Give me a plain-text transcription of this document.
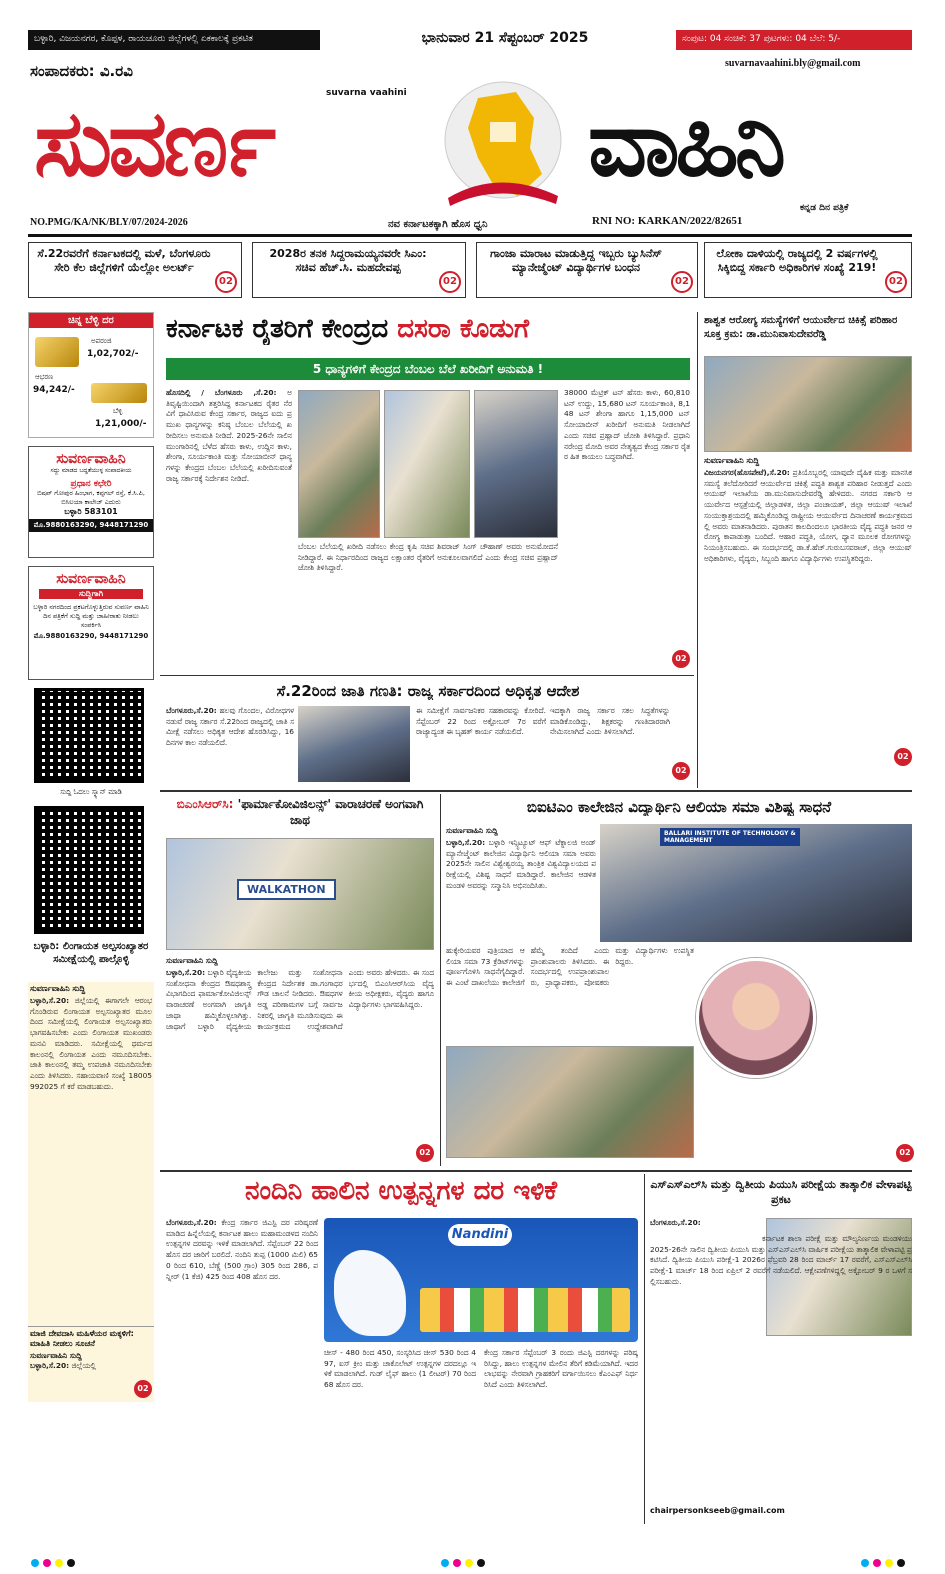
ಬಳ್ಳಾರಿ, ವಿಜಯನಗರ, ಕೊಪ್ಪಳ, ರಾಯಚೂರು ಜಿಲ್ಲೆಗಳಲ್ಲಿ ಏಕಕಾಲಕ್ಕೆ ಪ್ರಕಟಿತ	ಭಾನುವಾರ 21 ಸೆಪ್ಟಂಬರ್ 2025	ಸಂಪುಟ: 04 ಸಂಚಿಕೆ: 37 ಪುಟಗಳು: 04 ಬೆಲೆ: 5/-
ಸಂಪಾದಕರು: ವಿ.ರವಿ	suvarnavaahini.bly@gmail.com
ಸುವರ್ಣ	ವಾಹಿನಿ
suvarna vaahini
ಕನ್ನಡ ದಿನ ಪತ್ರಿಕೆ
NO.PMG/KA/NK/BLY/07/2024-2026	ನವ ಕರ್ನಾಟಕಕ್ಕಾಗಿ ಹೊಸ ಧ್ವನಿ	RNI NO: KARKAN/2022/82651
ಸೆ.22ರವರೆಗೆ ಕರ್ನಾಟಕದಲ್ಲಿ ಮಳೆ, ಬೆಂಗಳೂರು ಸೇರಿ ಕೆಲ ಜಿಲ್ಲೆಗಳಿಗೆ ಯೆಲ್ಲೋ ಅಲರ್ಟ್
02
2028ರ ತನಕ ಸಿದ್ದರಾಮಯ್ಯನವರೇ ಸಿಎಂ: ಸಚಿವ ಹೆಚ್.ಸಿ. ಮಹದೇವಪ್ಪ
02
ಗಾಂಜಾ ಮಾರಾಟ ಮಾಡುತ್ತಿದ್ದ ಇಬ್ಬರು ಬ್ಯುಸಿನೆಸ್ ಮ್ಯಾನೇಜ್ಮೆಂಟ್ ವಿದ್ಯಾರ್ಥಿಗಳ ಬಂಧನ
02
ಲೋಕಾ ದಾಳಿಯಲ್ಲಿ ರಾಜ್ಯದಲ್ಲಿ 2 ವರ್ಷಗಳಲ್ಲಿ ಸಿಕ್ಕಿಬಿದ್ದ ಸರ್ಕಾರಿ ಅಧಿಕಾರಿಗಳ ಸಂಖ್ಯೆ 219!
02
ಚಿನ್ನ ಬೆಳ್ಳಿ ದರ
ಅಪರಂಜಿ
1,02,702/-
ಆಭರಣ
94,242/-
ಬೆಳ್ಳಿ
1,21,000/-
ಸುವರ್ಣವಾಹಿನಿ
ಸದ್ದು ಮಾಡದ ಬದ್ಧತೆಯುಳ್ಳ ಸಂಪಾದಕೀಯ
ಪ್ರಧಾನ ಕಛೇರಿ
ಬಿಷಪ್ ಗೋಪುರ ಹಿಂಭಾಗ, ಕಪ್ಪಗಲ್ ರಸ್ತೆ, ಕೆ.ಸಿ.ಪಿ, ಬಿಸಿಲಯಾ ಕಾಲೇಜ್ ಎದುರು
ಬಳ್ಳಾರಿ 583101
ಮೊ.9880163290, 9448171290
ಸುವರ್ಣವಾಹಿನಿ
ಸುದ್ದಿಗಾಗಿ
ಬಳ್ಳಾರಿ ನಗರದಿಂದ ಪ್ರಕಟಗೊಳ್ಳುತ್ತಿರುವ ಸುವರ್ಣ ವಾಹಿನಿ ದಿನ ಪತ್ರಿಕೆಗೆ ಸುದ್ದಿ ಮತ್ತು ಜಾಹೀರಾತು ನೀಡಲು ಸಂಪರ್ಕಿಸಿ
ಮೊ.9880163290, 9448171290
ಸುದ್ದಿ ಓದಲು ಸ್ಕ್ಯಾನ್ ಮಾಡಿ
ಬಳ್ಳಾರಿ: ಲಿಂಗಾಯತ ಅಲ್ಪಸಂಖ್ಯಾತರ ಸಮೀಕ್ಷೆಯಲ್ಲಿ ಪಾಲ್ಗೊಳ್ಳಿ
ಸುವರ್ಣವಾಹಿನಿ ಸುದ್ದಿ
ಬಳ್ಳಾರಿ,ಸೆ.20: ಜಿಲ್ಲೆಯಲ್ಲಿ ಈಗಾಗಲೇ ಆರಂಭಗೊಂಡಿರುವ ಲಿಂಗಾಯತ ಅಲ್ಪಸಂಖ್ಯಾತರ ಮೂಲದಿಂದ ಸಮೀಕ್ಷೆಯಲ್ಲಿ ಲಿಂಗಾಯತ ಅಲ್ಪಸಂಖ್ಯಾತರು ಭಾಗವಹಿಸಬೇಕು ಎಂದು ಲಿಂಗಾಯತ ಮುಖಂಡರು ಮನವಿ ಮಾಡಿದರು. ಸಮೀಕ್ಷೆಯಲ್ಲಿ ಧರ್ಮದ ಕಾಲಂನಲ್ಲಿ ಲಿಂಗಾಯತ ಎಂದು ನಮೂದಿಸಬೇಕು. ಜಾತಿ ಕಾಲಂನಲ್ಲಿ ತಮ್ಮ ಉಪಜಾತಿ ನಮೂದಿಸಬೇಕು ಎಂದು ತಿಳಿಸಿದರು. ಸಹಾಯವಾಣಿ ಸಂಖ್ಯೆ 18005992025 ಗೆ ಕರೆ ಮಾಡಬಹುದು.
ಮಾಜಿ ದೇವದಾಸಿ ಮಹಿಳೆಯರ ಮಕ್ಕಳಿಗೆ: ಮಾಹಿತಿ ನೀಡಲು ಸೂಚನೆ
ಸುವರ್ಣವಾಹಿನಿ ಸುದ್ದಿ
ಬಳ್ಳಾರಿ,ಸೆ.20: ಜಿಲ್ಲೆಯಲ್ಲಿ
02
ಕರ್ನಾಟಕ ರೈತರಿಗೆ ಕೇಂದ್ರದ ದಸರಾ ಕೊಡುಗೆ
5 ಧಾನ್ಯಗಳಿಗೆ ಕೇಂದ್ರದ ಬೆಂಬಲ ಬೆಲೆ ಖರೀದಿಗೆ ಅನುಮತಿ !
ಹೊಸದಿಲ್ಲಿ / ಬೆಂಗಳೂರು ,ಸೆ.20: ಅತಿವೃಷ್ಟಿಯಿಂದಾಗಿ ತತ್ತರಿಸಿದ್ದ ಕರ್ನಾಟಕದ ರೈತರ ನೆರವಿಗೆ ಧಾವಿಸಿರುವ ಕೇಂದ್ರ ಸರ್ಕಾರ, ರಾಜ್ಯದ ಐದು ಪ್ರಮುಖ ಧಾನ್ಯಗಳನ್ನು ಕನಿಷ್ಠ ಬೆಂಬಲ ಬೆಲೆಯಲ್ಲಿ ಖರೀದಿಸಲು ಅನುಮತಿ ನೀಡಿದೆ. 2025-26ನೇ ಸಾಲಿನ ಮುಂಗಾರಿನಲ್ಲಿ ಬೆಳೆದ ಹೆಸರು ಕಾಳು, ಉದ್ದಿನ ಕಾಳು, ಶೇಂಗಾ, ಸೂರ್ಯಕಾಂತಿ ಮತ್ತು ಸೋಯಾಬೀನ್ ಧಾನ್ಯಗಳನ್ನು ಕೇಂದ್ರದ ಬೆಂಬಲ ಬೆಲೆಯಲ್ಲಿ ಖರೀದಿಸುವಂತೆ ರಾಜ್ಯ ಸರ್ಕಾರಕ್ಕೆ ನಿರ್ದೇಶನ ನೀಡಿದೆ.
ಬೆಂಬಲ ಬೆಲೆಯಲ್ಲಿ ಖರೀದಿ ನಡೆಸಲು ಕೇಂದ್ರ ಕೃಷಿ ಸಚಿವ ಶಿವರಾಜ್ ಸಿಂಗ್ ಚೌಹಾಣ್ ಅವರು ಅನುಮೋದನೆ ನೀಡಿದ್ದಾರೆ. ಈ ನಿರ್ಧಾರದಿಂದ ರಾಜ್ಯದ ಲಕ್ಷಾಂತರ ರೈತರಿಗೆ ಅನುಕೂಲವಾಗಲಿದೆ ಎಂದು ಕೇಂದ್ರ ಸಚಿವ ಪ್ರಹ್ಲಾದ್ ಜೋಶಿ ತಿಳಿಸಿದ್ದಾರೆ.
38000 ಮೆಟ್ರಿಕ್ ಟನ್ ಹೆಸರು ಕಾಳು, 60,810 ಟನ್ ಉದ್ದು, 15,680 ಟನ್ ಸೂರ್ಯಕಾಂತಿ, 8,148 ಟನ್ ಶೇಂಗಾ ಹಾಗೂ 1,15,000 ಟನ್ ಸೋಯಾಬೀನ್ ಖರೀದಿಗೆ ಅನುಮತಿ ನೀಡಲಾಗಿದೆ ಎಂದು ಸಚಿವ ಪ್ರಹ್ಲಾದ್ ಜೋಶಿ ತಿಳಿಸಿದ್ದಾರೆ. ಪ್ರಧಾನಿ ನರೇಂದ್ರ ಮೋದಿ ಅವರ ನೇತೃತ್ವದ ಕೇಂದ್ರ ಸರ್ಕಾರ ರೈತರ ಹಿತ ಕಾಯಲು ಬದ್ಧವಾಗಿದೆ.
02
ಸೆ.22ರಿಂದ ಜಾತಿ ಗಣತಿ: ರಾಜ್ಯ ಸರ್ಕಾರದಿಂದ ಅಧಿಕೃತ ಆದೇಶ
ಬೆಂಗಳೂರು,ಸೆ.20: ಹಲವು ಗೊಂದಲ, ವಿರೋಧಗಳ ನಡುವೆ ರಾಜ್ಯ ಸರ್ಕಾರ ಸೆ.22ರಿಂದ ರಾಜ್ಯದಲ್ಲಿ ಜಾತಿ ಸಮೀಕ್ಷೆ ನಡೆಸಲು ಅಧಿಕೃತ ಆದೇಶ ಹೊರಡಿಸಿದ್ದು, 16 ದಿನಗಳ ಕಾಲ ನಡೆಯಲಿದೆ.
ಈ ಸಮೀಕ್ಷೆಗೆ ಸಾರ್ವಜನಿಕರ ಸಹಕಾರವನ್ನು ಕೋರಿದೆ. ಸೆಪ್ಟೆಂಬರ್ 22 ರಿಂದ ಅಕ್ಟೋಬರ್ 7ರ ವರೆಗೆ ರಾಜ್ಯಾದ್ಯಂತ ಈ ಬೃಹತ್ ಕಾರ್ಯ ನಡೆಯಲಿದೆ.
ಇದಕ್ಕಾಗಿ ರಾಜ್ಯ ಸರ್ಕಾರ ಸಕಲ ಸಿದ್ಧತೆಗಳನ್ನು ಮಾಡಿಕೊಂಡಿದ್ದು, ಶಿಕ್ಷಕರನ್ನು ಗಣತಿದಾರರಾಗಿ ನೇಮಿಸಲಾಗಿದೆ ಎಂದು ತಿಳಿಸಲಾಗಿದೆ.
02
ಶಾಶ್ವತ ಆರೋಗ್ಯ ಸಮಸ್ಯೆಗಳಿಗೆ ಆಯುರ್ವೇದ ಚಿಕಿತ್ಸೆ ಪರಿಹಾರ ಸೂಕ್ತ ಕ್ರಮ: ಡಾ.ಮುನಿವಾಸುದೇವರೆಡ್ಡಿ
ಸುವರ್ಣವಾಹಿನಿ ಸುದ್ದಿ
ವಿಜಯನಗರ(ಹೊಸಪೇಟೆ),ಸೆ.20: ಪ್ರತಿಯೊಬ್ಬರಲ್ಲಿ ಯಾವುದೇ ದೈಹಿಕ ಮತ್ತು ಮಾನಸಿಕ ಸಮಸ್ಯೆ ತಲೆದೋರಿದರೆ ಆಯುರ್ವೇದ ಚಿಕಿತ್ಸೆ ಪದ್ಧತಿ ಶಾಶ್ವತ ಪರಿಹಾರ ನೀಡುತ್ತದೆ ಎಂದು ಆಯುಷ್ ಇಲಾಖೆಯ ಡಾ.ಮುನಿವಾಸುದೇವರೆಡ್ಡಿ ಹೇಳಿದರು. ನಗರದ ಸರ್ಕಾರಿ ಆಯುರ್ವೇದ ಆಸ್ಪತ್ರೆಯಲ್ಲಿ ಜಿಲ್ಲಾಡಳಿತ, ಜಿಲ್ಲಾ ಪಂಚಾಯತ್, ಜಿಲ್ಲಾ ಆಯುಷ್ ಇಲಾಖೆ ಸಂಯುಕ್ತಾಶ್ರಯದಲ್ಲಿ ಹಮ್ಮಿಕೊಂಡಿದ್ದ ರಾಷ್ಟ್ರೀಯ ಆಯುರ್ವೇದ ದಿನಾಚರಣೆ ಕಾರ್ಯಕ್ರಮದಲ್ಲಿ ಅವರು ಮಾತನಾಡಿದರು. ಪುರಾತನ ಕಾಲದಿಂದಲೂ ಭಾರತೀಯ ವೈದ್ಯ ಪದ್ಧತಿ ಜನರ ಆರೋಗ್ಯ ಕಾಪಾಡುತ್ತಾ ಬಂದಿದೆ. ಆಹಾರ ಪದ್ಧತಿ, ಯೋಗ, ಧ್ಯಾನ ಮೂಲಕ ರೋಗಗಳನ್ನು ನಿಯಂತ್ರಿಸಬಹುದು. ಈ ಸಂದರ್ಭದಲ್ಲಿ ಡಾ.ಕೆ.ಹೆಚ್.ಗುರುಬಸವರಾಜ್, ಜಿಲ್ಲಾ ಆಯುಷ್ ಅಧಿಕಾರಿಗಳು, ವೈದ್ಯರು, ಸಿಬ್ಬಂದಿ ಹಾಗೂ ವಿದ್ಯಾರ್ಥಿಗಳು ಉಪಸ್ಥಿತರಿದ್ದರು.
02
ಬಿಎಂಸಿಆರ್‌ಸಿ: 'ಫಾರ್ಮಾಕೋವಿಜಿಲನ್ಸ್' ವಾರಾಚರಣೆ ಅಂಗವಾಗಿ ಜಾಥ
WALKATHON
ಸುವರ್ಣವಾಹಿನಿ ಸುದ್ದಿ
ಬಳ್ಳಾರಿ,ಸೆ.20: ಬಳ್ಳಾರಿ ವೈದ್ಯಕೀಯ ಸಂಶೋಧನಾ ಕೇಂದ್ರದ ಔಷಧಶಾಸ್ತ್ರ ವಿಭಾಗದಿಂದ ಫಾರ್ಮಾಕೋವಿಜಿಲನ್ಸ್ ವಾರಾಚರಣೆ ಅಂಗವಾಗಿ ಜಾಗೃತಿ ಜಾಥಾ ಹಮ್ಮಿಕೊಳ್ಳಲಾಗಿತ್ತು. ಜಾಥಾಗೆ ಬಳ್ಳಾರಿ ವೈದ್ಯಕೀಯ ಕಾಲೇಜು ಮತ್ತು ಸಂಶೋಧನಾ ಕೇಂದ್ರದ ನಿರ್ದೇಶಕ ಡಾ.ಗಂಗಾಧರ ಗೌಡ ಚಾಲನೆ ನೀಡಿದರು. ಔಷಧಗಳ ಅಡ್ಡ ಪರಿಣಾಮಗಳ ಬಗ್ಗೆ ಸಾರ್ವಜನಿಕರಲ್ಲಿ ಜಾಗೃತಿ ಮೂಡಿಸುವುದು ಈ ಕಾರ್ಯಕ್ರಮದ ಉದ್ದೇಶವಾಗಿದೆ ಎಂದು ಅವರು ಹೇಳಿದರು. ಈ ಸಂದರ್ಭದಲ್ಲಿ ಬಿಎಂಸಿಆರ್‌ಸಿಯ ವೈದ್ಯಕೀಯ ಅಧೀಕ್ಷಕರು, ವೈದ್ಯರು ಹಾಗೂ ವಿದ್ಯಾರ್ಥಿಗಳು ಭಾಗವಹಿಸಿದ್ದರು.
02
ಬಿಐಟಿಎಂ ಕಾಲೇಜಿನ ವಿದ್ಯಾರ್ಥಿನಿ ಆಲಿಯಾ ಸಮಾ ವಿಶಿಷ್ಟ ಸಾಧನೆ
ಸುವರ್ಣವಾಹಿನಿ ಸುದ್ದಿ
ಬಳ್ಳಾರಿ,ಸೆ.20: ಬಳ್ಳಾರಿ ಇನ್ಸ್ಟಿಟ್ಯೂಟ್ ಆಫ್ ಟೆಕ್ನಾಲಜಿ ಅಂಡ್ ಮ್ಯಾನೇಜ್ಮೆಂಟ್ ಕಾಲೇಜಿನ ವಿದ್ಯಾರ್ಥಿನಿ ಆಲಿಯಾ ಸಮಾ ಅವರು 2025ನೇ ಸಾಲಿನ ವಿಶ್ವೇಶ್ವರಯ್ಯ ತಾಂತ್ರಿಕ ವಿಶ್ವವಿದ್ಯಾಲಯದ ಪರೀಕ್ಷೆಯಲ್ಲಿ ವಿಶಿಷ್ಟ ಸಾಧನೆ ಮಾಡಿದ್ದಾರೆ. ಕಾಲೇಜಿನ ಆಡಳಿತ ಮಂಡಳಿ ಅವರನ್ನು ಸನ್ಮಾನಿಸಿ ಅಭಿನಂದಿಸಿತು.
BALLARI INSTITUTE OF TECHNOLOGY & MANAGEMENT
ಹುಕ್ಕೇರಿಯವರ ಪುತ್ರಿಯಾದ ಆಲಿಯಾ ಸಮಾ 73 ಕ್ರೆಡಿಟ್‌ಗಳನ್ನು ಪೂರ್ಣಗೊಳಿಸಿ ಸಾಧನೆಗೈದಿದ್ದಾರೆ. ಈ ಎಂಟೆ ದಾಖಲೆಯು ಕಾಲೇಜಿಗೆ ಹೆಮ್ಮೆ ತಂದಿದೆ ಎಂದು ಪ್ರಾಂಶುಪಾಲರು ತಿಳಿಸಿದರು. ಈ ಸಂದರ್ಭದಲ್ಲಿ ಉಪಪ್ರಾಂಶುಪಾಲರು, ಪ್ರಾಧ್ಯಾಪಕರು, ಪೋಷಕರು ಮತ್ತು ವಿದ್ಯಾರ್ಥಿಗಳು ಉಪಸ್ಥಿತರಿದ್ದರು.
02
ನಂದಿನಿ ಹಾಲಿನ ಉತ್ಪನ್ನಗಳ ದರ ಇಳಿಕೆ
Nandini
ಬೆಂಗಳೂರು,ಸೆ.20: ಕೇಂದ್ರ ಸರ್ಕಾರ ಜಿಎಸ್ಟಿ ದರ ಪರಿಷ್ಕರಣೆ ಮಾಡಿದ ಹಿನ್ನೆಲೆಯಲ್ಲಿ ಕರ್ನಾಟಕ ಹಾಲು ಮಹಾಮಂಡಳದ ನಂದಿನಿ ಉತ್ಪನ್ನಗಳ ದರವನ್ನು ಇಳಿಕೆ ಮಾಡಲಾಗಿದೆ. ಸೆಪ್ಟೆಂಬರ್ 22 ರಿಂದ ಹೊಸ ದರ ಜಾರಿಗೆ ಬರಲಿದೆ. ನಂದಿನಿ ತುಪ್ಪ (1000 ಮಿಲಿ) 650 ರಿಂದ 610, ಬೆಣ್ಣೆ (500 ಗ್ರಾಂ) 305 ರಿಂದ 286, ಪನ್ನೀರ್ (1 ಕೆಜಿ) 425 ರಿಂದ 408 ಹೊಸ ದರ.
ಚೀಸ್ - 480 ರಿಂದ 450, ಸಂಸ್ಕರಿಸಿದ ಚೀಸ್ 530 ರಿಂದ 497, ಐಸ್ ಕ್ರೀಂ ಮತ್ತು ಚಾಕೊಲೇಟ್ ಉತ್ಪನ್ನಗಳ ದರದಲ್ಲೂ ಇಳಿಕೆ ಮಾಡಲಾಗಿದೆ. ಗುಡ್ ಲೈಫ್ ಹಾಲು (1 ಲೀಟರ್) 70 ರಿಂದ 68 ಹೊಸ ದರ.
ಕೇಂದ್ರ ಸರ್ಕಾರ ಸೆಪ್ಟೆಂಬರ್ 3 ರಂದು ಜಿಎಸ್ಟಿ ದರಗಳನ್ನು ಪರಿಷ್ಕರಿಸಿದ್ದು, ಹಾಲು ಉತ್ಪನ್ನಗಳ ಮೇಲಿನ ತೆರಿಗೆ ಕಡಿಮೆಯಾಗಿದೆ. ಇದರ ಲಾಭವನ್ನು ನೇರವಾಗಿ ಗ್ರಾಹಕರಿಗೆ ವರ್ಗಾಯಿಸಲು ಕೆಎಂಎಫ್ ನಿರ್ಧರಿಸಿದೆ ಎಂದು ತಿಳಿಸಲಾಗಿದೆ.
ಎಸ್‌ಎಸ್‌ಎಲ್‌ಸಿ ಮತ್ತು ದ್ವಿತೀಯ ಪಿಯುಸಿ ಪರೀಕ್ಷೆಯ ತಾತ್ಕಾಲಿಕ ವೇಳಾಪಟ್ಟಿ ಪ್ರಕಟ
ಬೆಂಗಳೂರು,ಸೆ.20:
ಕರ್ನಾಟಕ ಶಾಲಾ ಪರೀಕ್ಷೆ ಮತ್ತು ಮೌಲ್ಯನಿರ್ಣಯ ಮಂಡಳಿಯು 2025-26ನೇ ಸಾಲಿನ ದ್ವಿತೀಯ ಪಿಯುಸಿ ಮತ್ತು ಎಸ್‌ಎಸ್‌ಎಲ್‌ಸಿ ವಾರ್ಷಿಕ ಪರೀಕ್ಷೆಯ ತಾತ್ಕಾಲಿಕ ವೇಳಾಪಟ್ಟಿ ಪ್ರಕಟಿಸಿದೆ. ದ್ವಿತೀಯ ಪಿಯುಸಿ ಪರೀಕ್ಷೆ-1 2026ರ ಫೆಬ್ರವರಿ 28 ರಿಂದ ಮಾರ್ಚ್ 17 ರವರೆಗೆ, ಎಸ್‌ಎಸ್‌ಎಲ್‌ಸಿ ಪರೀಕ್ಷೆ-1 ಮಾರ್ಚ್ 18 ರಿಂದ ಏಪ್ರಿಲ್ 2 ರವರೆಗೆ ನಡೆಯಲಿದೆ. ಆಕ್ಷೇಪಣೆಗಳಿದ್ದಲ್ಲಿ ಅಕ್ಟೋಬರ್ 9 ರ ಒಳಗೆ ಸಲ್ಲಿಸಬಹುದು.
chairpersonkseeb@gmail.com
